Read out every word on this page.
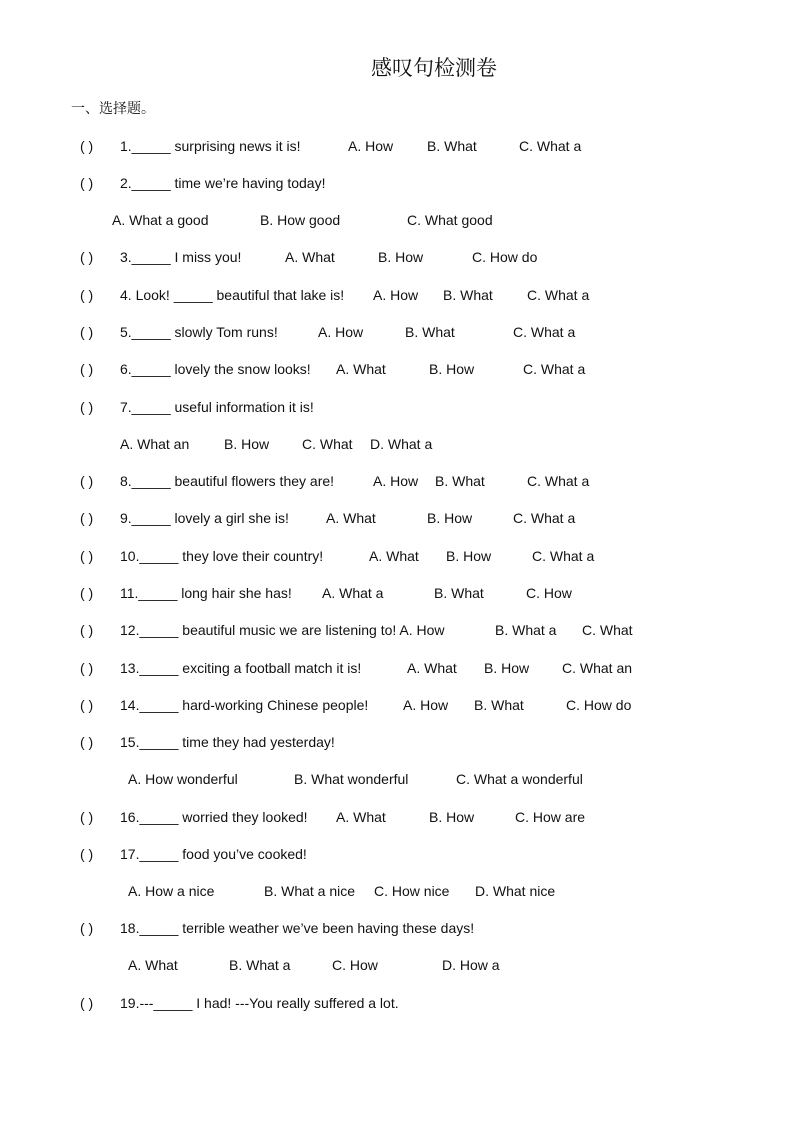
感叹句检测卷
一、选择题。
( ) 1._____ surprising news it is!	A. How B. What	C. What a
( ) 2._____ time we’re having today!
A. What a good	B. How good	C. What good
( ) 3._____ I miss you!	A. What	B. How	C. How do
( ) 4. Look! _____ beautiful that lake is! A. How B. What C. What a
( ) 5._____ slowly Tom runs!	A. How	B. What	C. What a
( ) 6._____ lovely the snow looks! A. What	B. How	C. What a
( ) 7._____ useful information it is!
A. What an B. How C. What D. What a
( ) 8._____ beautiful flowers they are!	A. How B. What	C. What a
( ) 9._____ lovely a girl she is!	A. What	B. How	C. What a
( ) 10._____ they love their country!	A. What B. How	C. What a
( ) 11._____ long hair she has! A. What a	B. What	C. How
( ) 12._____ beautiful music we are listening to! A. How	B. What a C. What
( ) 13._____ exciting a football match it is!	A. What B. How C. What an
( ) 14._____ hard-working Chinese people! A. How B. What	C. How do
( ) 15._____ time they had yesterday!
A. How wonderful	B. What wonderful	C. What a wonderful
( ) 16._____ worried they looked! A. What	B. How	C. How are
( ) 17._____ food you’ve cooked!
A. How a nice	B. What a nice C. How nice D. What nice
( ) 18._____ terrible weather we’ve been having these days!
A. What	B. What a	C. How	D. How a
( ) 19.---_____ I had! ---You really suffered a lot.
